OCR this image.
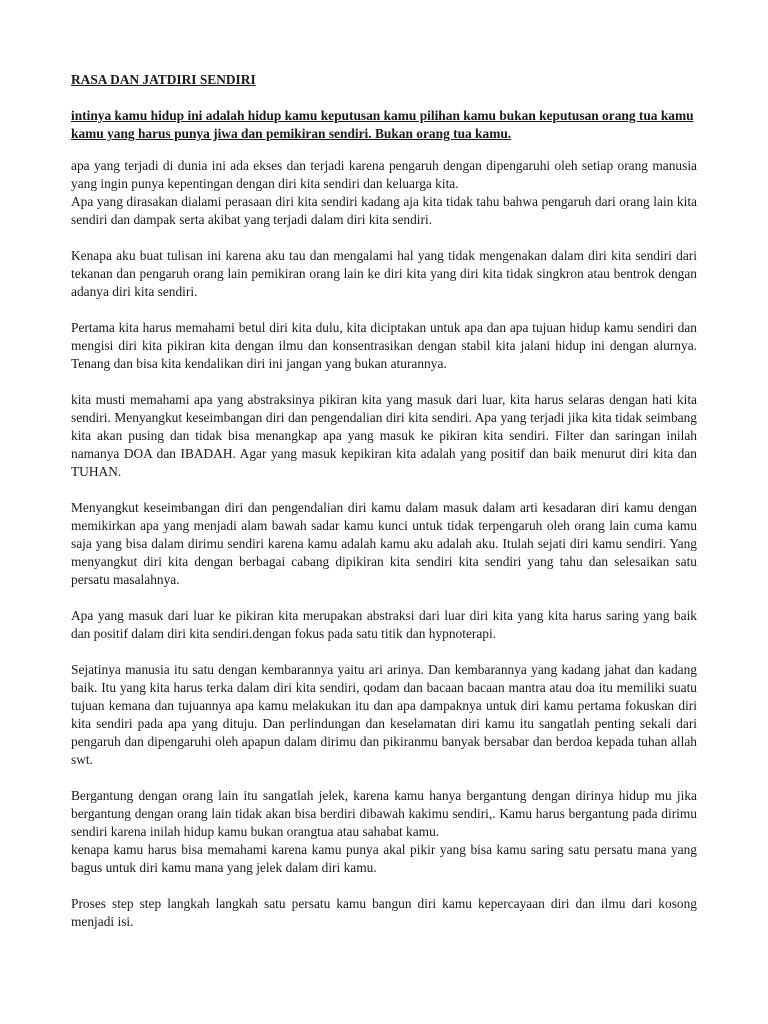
RASA DAN JATDIRI SENDIRI
intinya kamu hidup ini adalah hidup kamu keputusan kamu pilihan kamu bukan keputusan orang tua kamu kamu yang harus punya jiwa dan pemikiran sendiri. Bukan orang tua kamu.
apa yang terjadi di dunia ini ada ekses dan terjadi karena pengaruh dengan dipengaruhi oleh setiap orang manusia yang ingin punya kepentingan dengan diri kita sendiri dan keluarga kita.
Apa yang dirasakan dialami perasaan diri kita sendiri kadang aja kita tidak tahu bahwa pengaruh dari orang lain kita sendiri dan dampak serta akibat yang terjadi dalam diri kita sendiri.
Kenapa aku buat tulisan ini karena aku tau dan mengalami hal yang tidak mengenakan dalam diri kita sendiri dari tekanan dan pengaruh orang lain pemikiran orang lain ke diri kita yang diri kita tidak singkron atau bentrok dengan adanya diri kita sendiri.
Pertama kita harus memahami betul diri kita dulu, kita diciptakan untuk apa dan apa tujuan hidup kamu sendiri dan mengisi diri kita pikiran kita dengan ilmu dan konsentrasikan dengan stabil kita jalani hidup ini dengan alurnya. Tenang dan bisa kita kendalikan diri ini jangan yang bukan aturannya.
kita musti memahami apa yang abstraksinya pikiran kita yang masuk dari luar, kita harus selaras dengan hati kita sendiri. Menyangkut keseimbangan diri dan pengendalian diri kita sendiri. Apa yang terjadi jika kita tidak seimbang kita akan pusing dan tidak bisa menangkap apa yang masuk ke pikiran kita sendiri. Filter dan saringan inilah namanya DOA dan IBADAH. Agar yang masuk kepikiran kita adalah yang positif dan baik menurut diri kita dan TUHAN.
Menyangkut keseimbangan diri dan pengendalian diri kamu dalam masuk dalam arti kesadaran diri kamu dengan memikirkan apa yang menjadi alam bawah sadar kamu kunci untuk tidak terpengaruh oleh orang lain cuma kamu saja yang bisa dalam dirimu sendiri karena kamu adalah kamu aku adalah aku. Itulah sejati diri kamu sendiri. Yang menyangkut diri kita dengan berbagai cabang dipikiran kita sendiri kita sendiri yang tahu dan selesaikan satu persatu masalahnya.
Apa yang masuk dari luar ke pikiran kita merupakan abstraksi dari luar diri kita yang kita harus saring yang baik dan positif dalam diri kita sendiri.dengan fokus pada satu titik dan hypnoterapi.
Sejatinya manusia itu satu dengan kembarannya yaitu ari arinya. Dan kembarannya yang kadang jahat dan kadang baik. Itu yang kita harus terka dalam diri kita sendiri, qodam dan bacaan bacaan mantra atau doa itu memiliki suatu tujuan kemana dan tujuannya apa kamu melakukan itu dan apa dampaknya untuk diri kamu pertama fokuskan diri kita sendiri pada apa yang dituju. Dan perlindungan dan keselamatan diri kamu itu sangatlah penting sekali dari pengaruh dan dipengaruhi oleh apapun dalam dirimu dan pikiranmu banyak bersabar dan berdoa kepada tuhan allah swt.
Bergantung dengan orang lain itu sangatlah jelek, karena kamu hanya bergantung dengan dirinya hidup mu jika bergantung dengan orang lain tidak akan bisa berdiri dibawah kakimu sendiri,. Kamu harus bergantung pada dirimu sendiri karena inilah hidup kamu bukan orangtua atau sahabat kamu.
kenapa kamu harus bisa memahami karena kamu punya akal pikir yang bisa kamu saring satu persatu mana yang bagus untuk diri kamu mana yang jelek dalam diri kamu.
Proses step step langkah langkah satu persatu kamu bangun diri kamu kepercayaan diri dan ilmu dari kosong menjadi isi.
